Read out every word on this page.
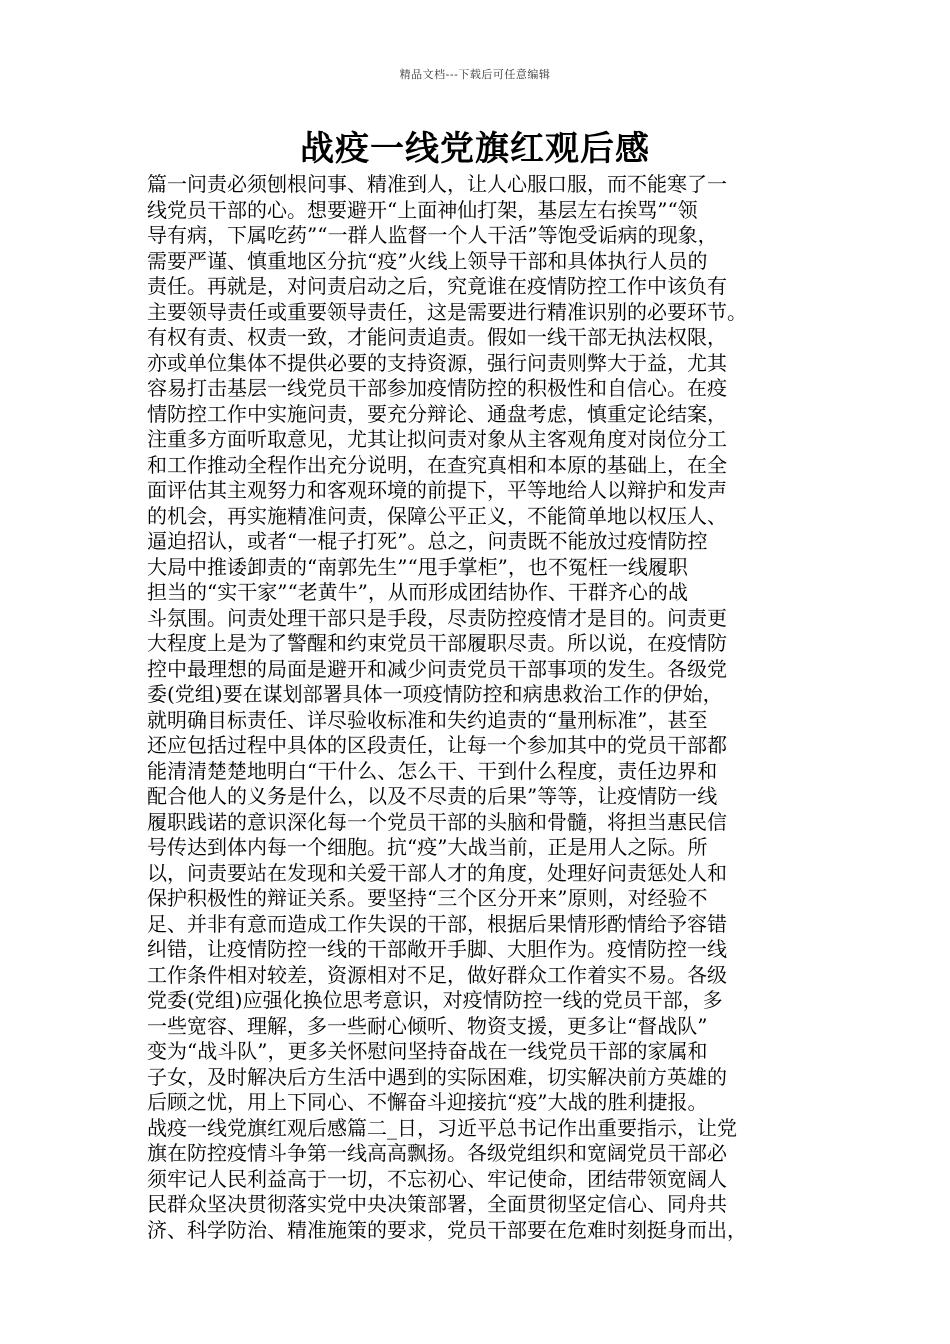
精品文档---下载后可任意编辑
战疫一线党旗红观后感
篇一问责必须刨根问事、精准到人，让人心服口服，而不能寒了一
线党员干部的心。想要避开“上面神仙打架，基层左右挨骂”“领
导有病，下属吃药”“一群人监督一个人干活”等饱受诟病的现象，
需要严谨、慎重地区分抗“疫”火线上领导干部和具体执行人员的
责任。再就是，对问责启动之后，究竟谁在疫情防控工作中该负有
主要领导责任或重要领导责任，这是需要进行精准识别的必要环节。
有权有责、权责一致，才能问责追责。假如一线干部无执法权限，
亦或单位集体不提供必要的支持资源，强行问责则弊大于益，尤其
容易打击基层一线党员干部参加疫情防控的积极性和自信心。在疫
情防控工作中实施问责，要充分辩论、通盘考虑，慎重定论结案，
注重多方面听取意见，尤其让拟问责对象从主客观角度对岗位分工
和工作推动全程作出充分说明，在查究真相和本原的基础上，在全
面评估其主观努力和客观环境的前提下，平等地给人以辩护和发声
的机会，再实施精准问责，保障公平正义，不能简单地以权压人、
逼迫招认，或者“一棍子打死”。总之，问责既不能放过疫情防控
大局中推诿卸责的“南郭先生”“甩手掌柜”，也不冤枉一线履职
担当的“实干家”“老黄牛”，从而形成团结协作、干群齐心的战
斗氛围。问责处理干部只是手段，尽责防控疫情才是目的。问责更
大程度上是为了警醒和约束党员干部履职尽责。所以说，在疫情防
控中最理想的局面是避开和减少问责党员干部事项的发生。各级党
委(党组)要在谋划部署具体一项疫情防控和病患救治工作的伊始，
就明确目标责任、详尽验收标准和失约追责的“量刑标准”，甚至
还应包括过程中具体的区段责任，让每一个参加其中的党员干部都
能清清楚楚地明白“干什么、怎么干、干到什么程度，责任边界和
配合他人的义务是什么，以及不尽责的后果”等等，让疫情防一线
履职践诺的意识深化每一个党员干部的头脑和骨髓，将担当惠民信
号传达到体内每一个细胞。抗“疫”大战当前，正是用人之际。所
以，问责要站在发现和关爱干部人才的角度，处理好问责惩处人和
保护积极性的辩证关系。要坚持“三个区分开来”原则，对经验不
足、并非有意而造成工作失误的干部，根据后果情形酌情给予容错
纠错，让疫情防控一线的干部敞开手脚、大胆作为。疫情防控一线
工作条件相对较差，资源相对不足，做好群众工作着实不易。各级
党委(党组)应强化换位思考意识，对疫情防控一线的党员干部，多
一些宽容、理解，多一些耐心倾听、物资支援，更多让“督战队”
变为“战斗队”，更多关怀慰问坚持奋战在一线党员干部的家属和
子女，及时解决后方生活中遇到的实际困难，切实解决前方英雄的
后顾之忧，用上下同心、不懈奋斗迎接抗“疫”大战的胜利捷报。
战疫一线党旗红观后感篇二_日，习近平总书记作出重要指示，让党
旗在防控疫情斗争第一线高高飘扬。各级党组织和宽阔党员干部必
须牢记人民利益高于一切，不忘初心、牢记使命，团结带领宽阔人
民群众坚决贯彻落实党中央决策部署，全面贯彻坚定信心、同舟共
济、科学防治、精准施策的要求，党员干部要在危难时刻挺身而出，
